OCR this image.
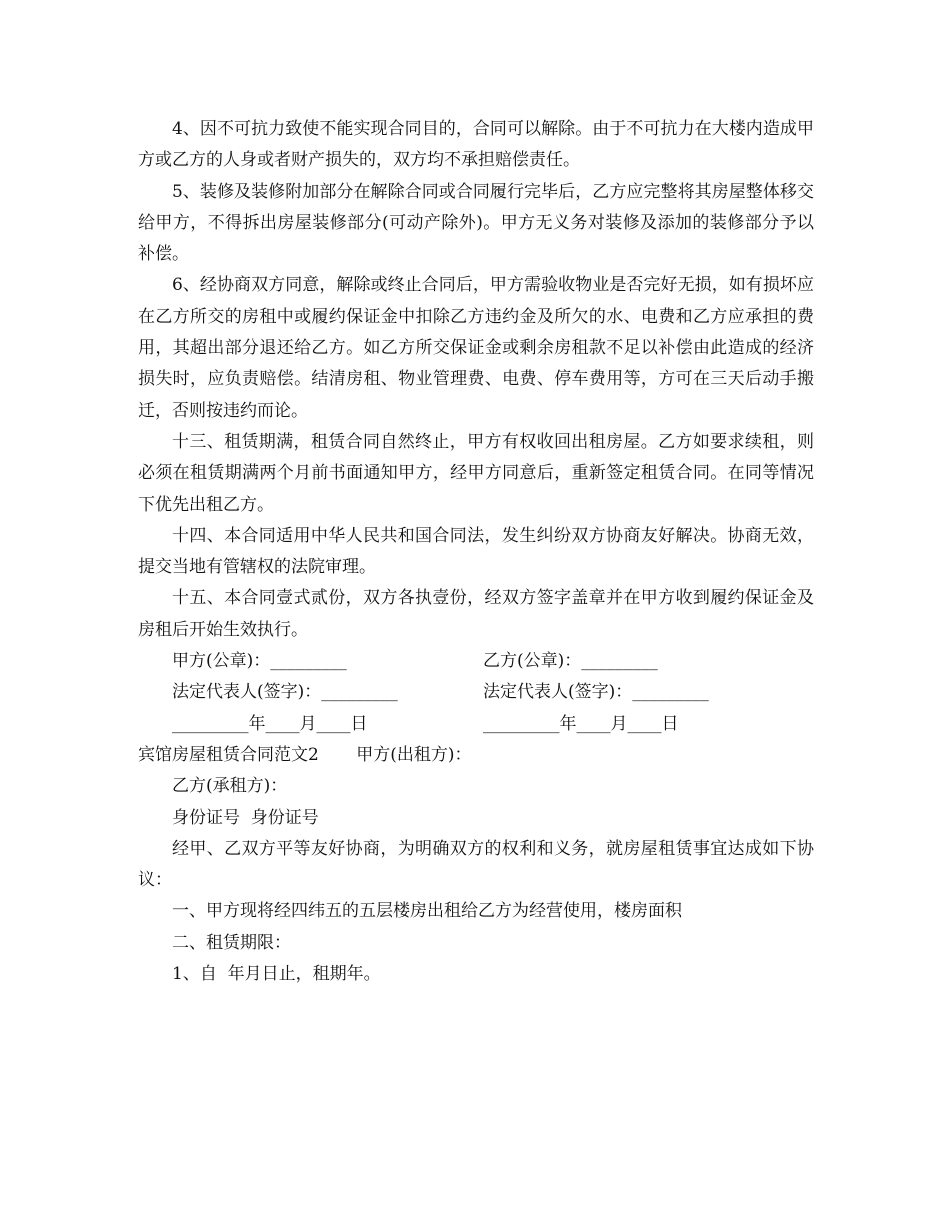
4、因不可抗力致使不能实现合同目的，合同可以解除。由于不可抗力在大楼内造成甲方或乙方的人身或者财产损失的，双方均不承担赔偿责任。

5、装修及装修附加部分在解除合同或合同履行完毕后，乙方应完整将其房屋整体移交给甲方，不得拆出房屋装修部分(可动产除外)。甲方无义务对装修及添加的装修部分予以补偿。

6、经协商双方同意，解除或终止合同后，甲方需验收物业是否完好无损，如有损坏应在乙方所交的房租中或履约保证金中扣除乙方违约金及所欠的水、电费和乙方应承担的费用，其超出部分退还给乙方。如乙方所交保证金或剩余房租款不足以补偿由此造成的经济损失时，应负责赔偿。结清房租、物业管理费、电费、停车费用等，方可在三天后动手搬迁，否则按违约而论。

十三、租赁期满，租赁合同自然终止，甲方有权收回出租房屋。乙方如要求续租，则必须在租赁期满两个月前书面通知甲方，经甲方同意后，重新签定租赁合同。在同等情况下优先出租乙方。

十四、本合同适用中华人民共和国合同法，发生纠纷双方协商友好解决。协商无效，提交当地有管辖权的法院审理。

十五、本合同壹式贰份，双方各执壹份，经双方签字盖章并在甲方收到履约保证金及房租后开始生效执行。

甲方(公章)：_________	乙方(公章)：_________
法定代表人(签字)：_________	法定代表人(签字)：_________
_________年____月____日	_________年____月____日

宾馆房屋租赁合同范文2 甲方(出租方)：

乙方(承租方)：

身份证号  身份证号

经甲、乙双方平等友好协商，为明确双方的权利和义务，就房屋租赁事宜达成如下协议：

一、甲方现将经四纬五的五层楼房出租给乙方为经营使用，楼房面积

二、租赁期限：

1、自  年月日止，租期年。
